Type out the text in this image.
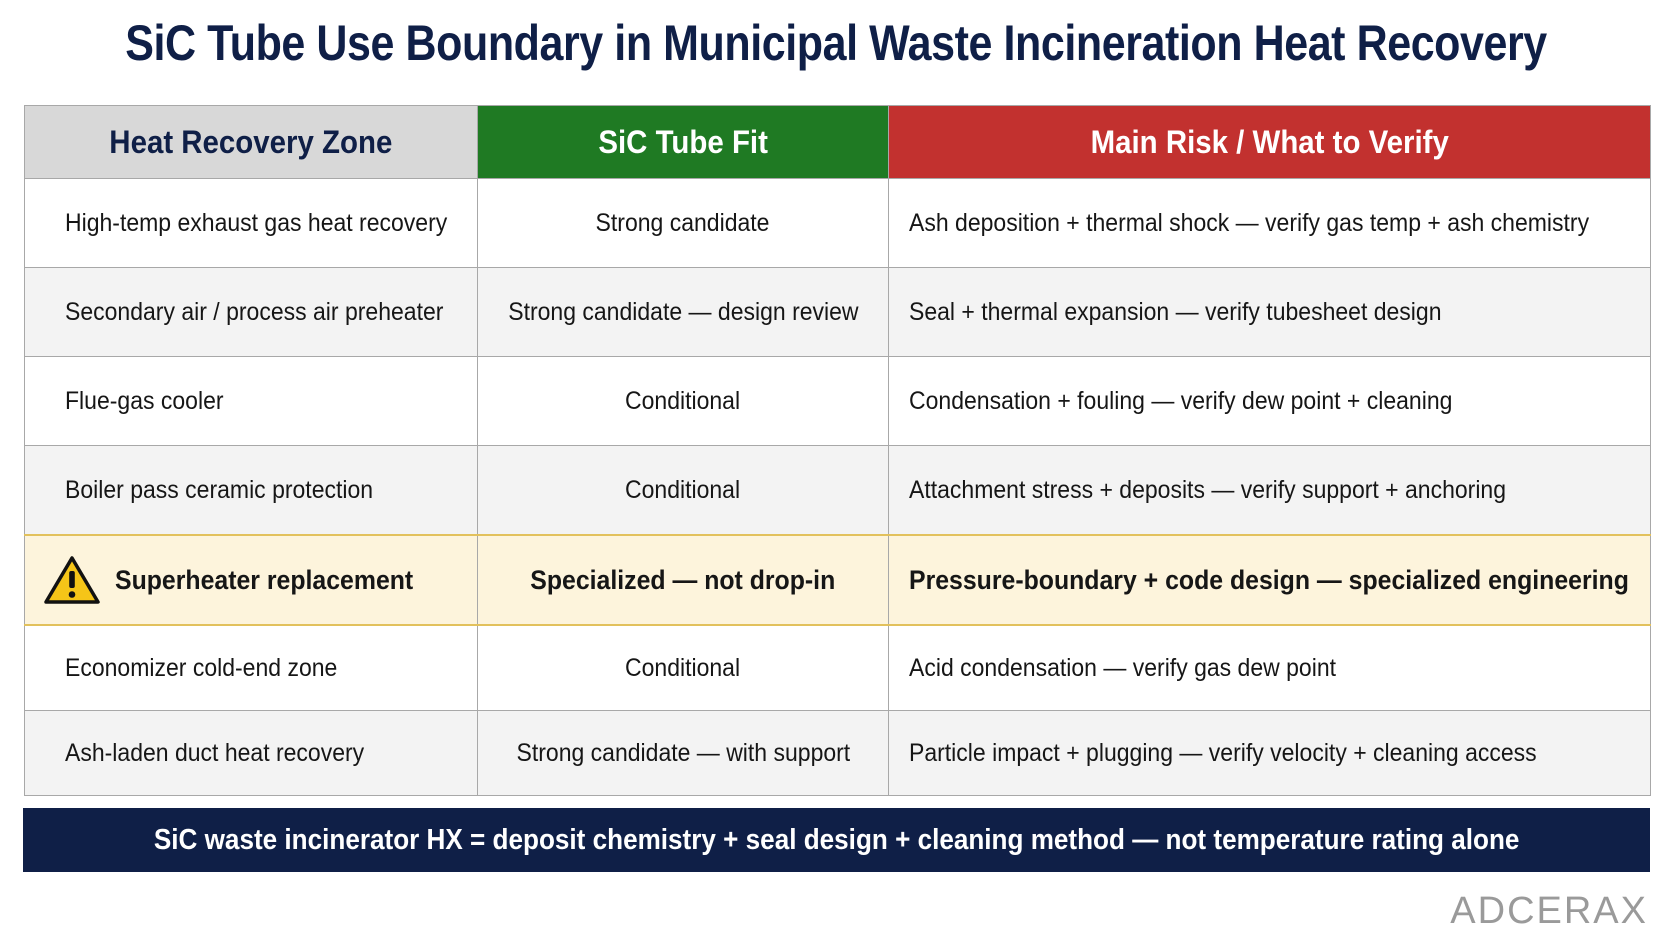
SiC Tube Use Boundary in Municipal Waste Incineration Heat Recovery
Heat Recovery Zone	SiC Tube Fit	Main Risk / What to Verify
High-temp exhaust gas heat recovery	Strong candidate	Ash deposition + thermal shock — verify gas temp + ash chemistry
Secondary air / process air preheater	Strong candidate — design review	Seal + thermal expansion — verify tubesheet design
Flue-gas cooler	Conditional	Condensation + fouling — verify dew point + cleaning
Boiler pass ceramic protection	Conditional	Attachment stress + deposits — verify support + anchoring

Superheater replacement	Specialized — not drop-in	Pressure-boundary + code design — specialized engineering
Economizer cold-end zone	Conditional	Acid condensation — verify gas dew point
Ash-laden duct heat recovery	Strong candidate — with support	Particle impact + plugging — verify velocity + cleaning access
SiC waste incinerator HX = deposit chemistry + seal design + cleaning method — not temperature rating alone
ADCERAX
